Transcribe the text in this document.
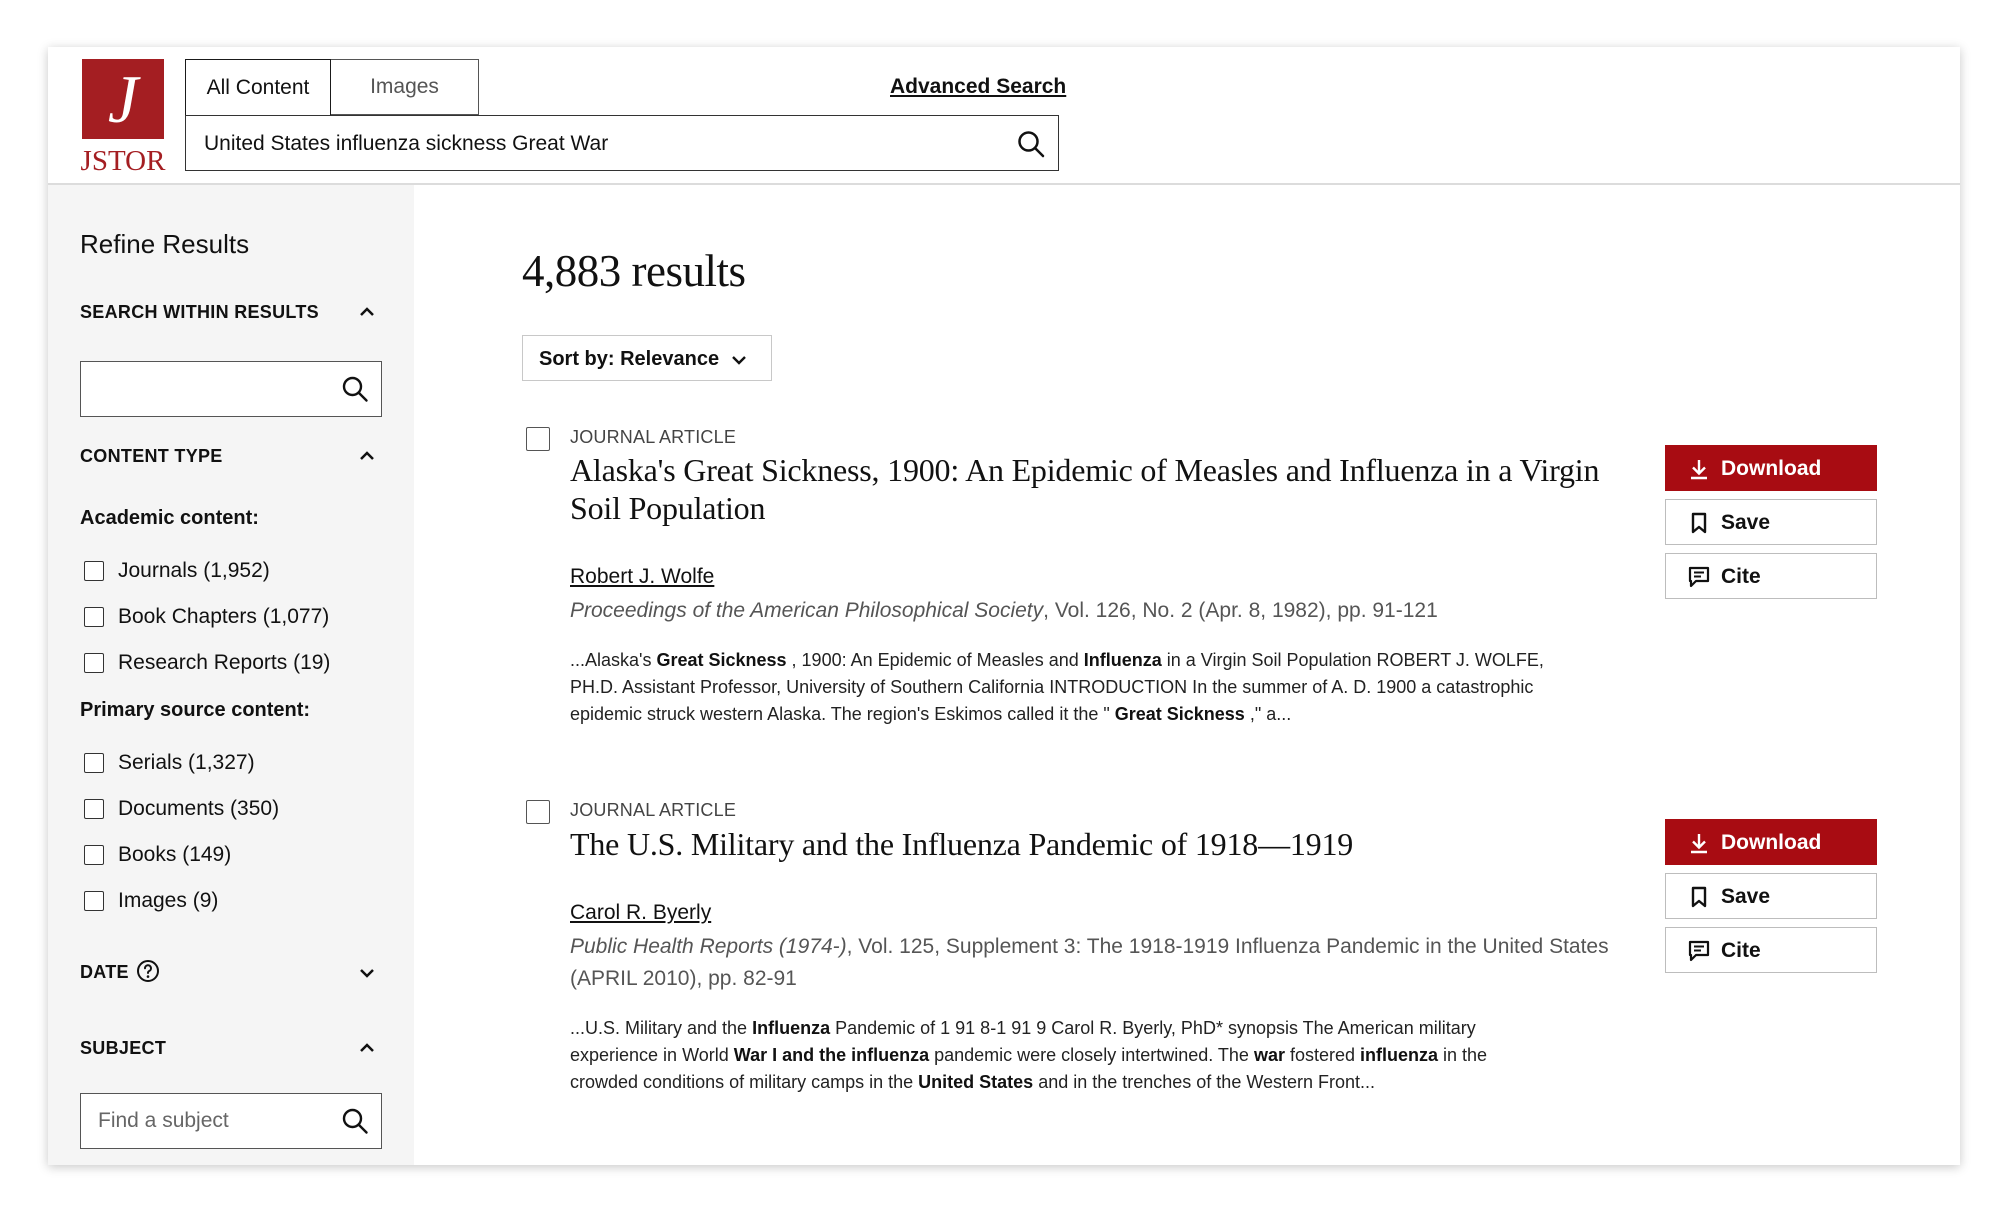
J
JSTOR
All Content	Images	Advanced Search
United States influenza sickness Great War
Refine Results
SEARCH WITHIN RESULTS
CONTENT TYPE
Academic content:
Journals (1,952)
Book Chapters (1,077)
Research Reports (19)
Primary source content:
Serials (1,327)
Documents (350)
Books (149)
Images (9)
DATE
SUBJECT
Find a subject
4,883 results
Sort by: Relevance
JOURNAL ARTICLE
Alaska's Great Sickness, 1900: An Epidemic of Measles and Influenza in a Virgin Soil Population
Robert J. Wolfe
Proceedings of the American Philosophical Society, Vol. 126, No. 2 (Apr. 8, 1982), pp. 91-121
...Alaska's Great Sickness , 1900: An Epidemic of Measles and Influenza in a Virgin Soil Population ROBERT J. WOLFE, PH.D. Assistant Professor, University of Southern California INTRODUCTION In the summer of A. D. 1900 a catastrophic epidemic struck western Alaska. The region's Eskimos called it the " Great Sickness ," a...
Download
Save
Cite
JOURNAL ARTICLE
The U.S. Military and the Influenza Pandemic of 1918—1919
Carol R. Byerly
Public Health Reports (1974-), Vol. 125, Supplement 3: The 1918-1919 Influenza Pandemic in the United States (APRIL 2010), pp. 82-91
...U.S. Military and the Influenza Pandemic of 1 91 8-1 91 9 Carol R. Byerly, PhD* synopsis The American military experience in World War I and the influenza pandemic were closely intertwined. The war fostered influenza in the crowded conditions of military camps in the United States and in the trenches of the Western Front...
Download
Save
Cite
